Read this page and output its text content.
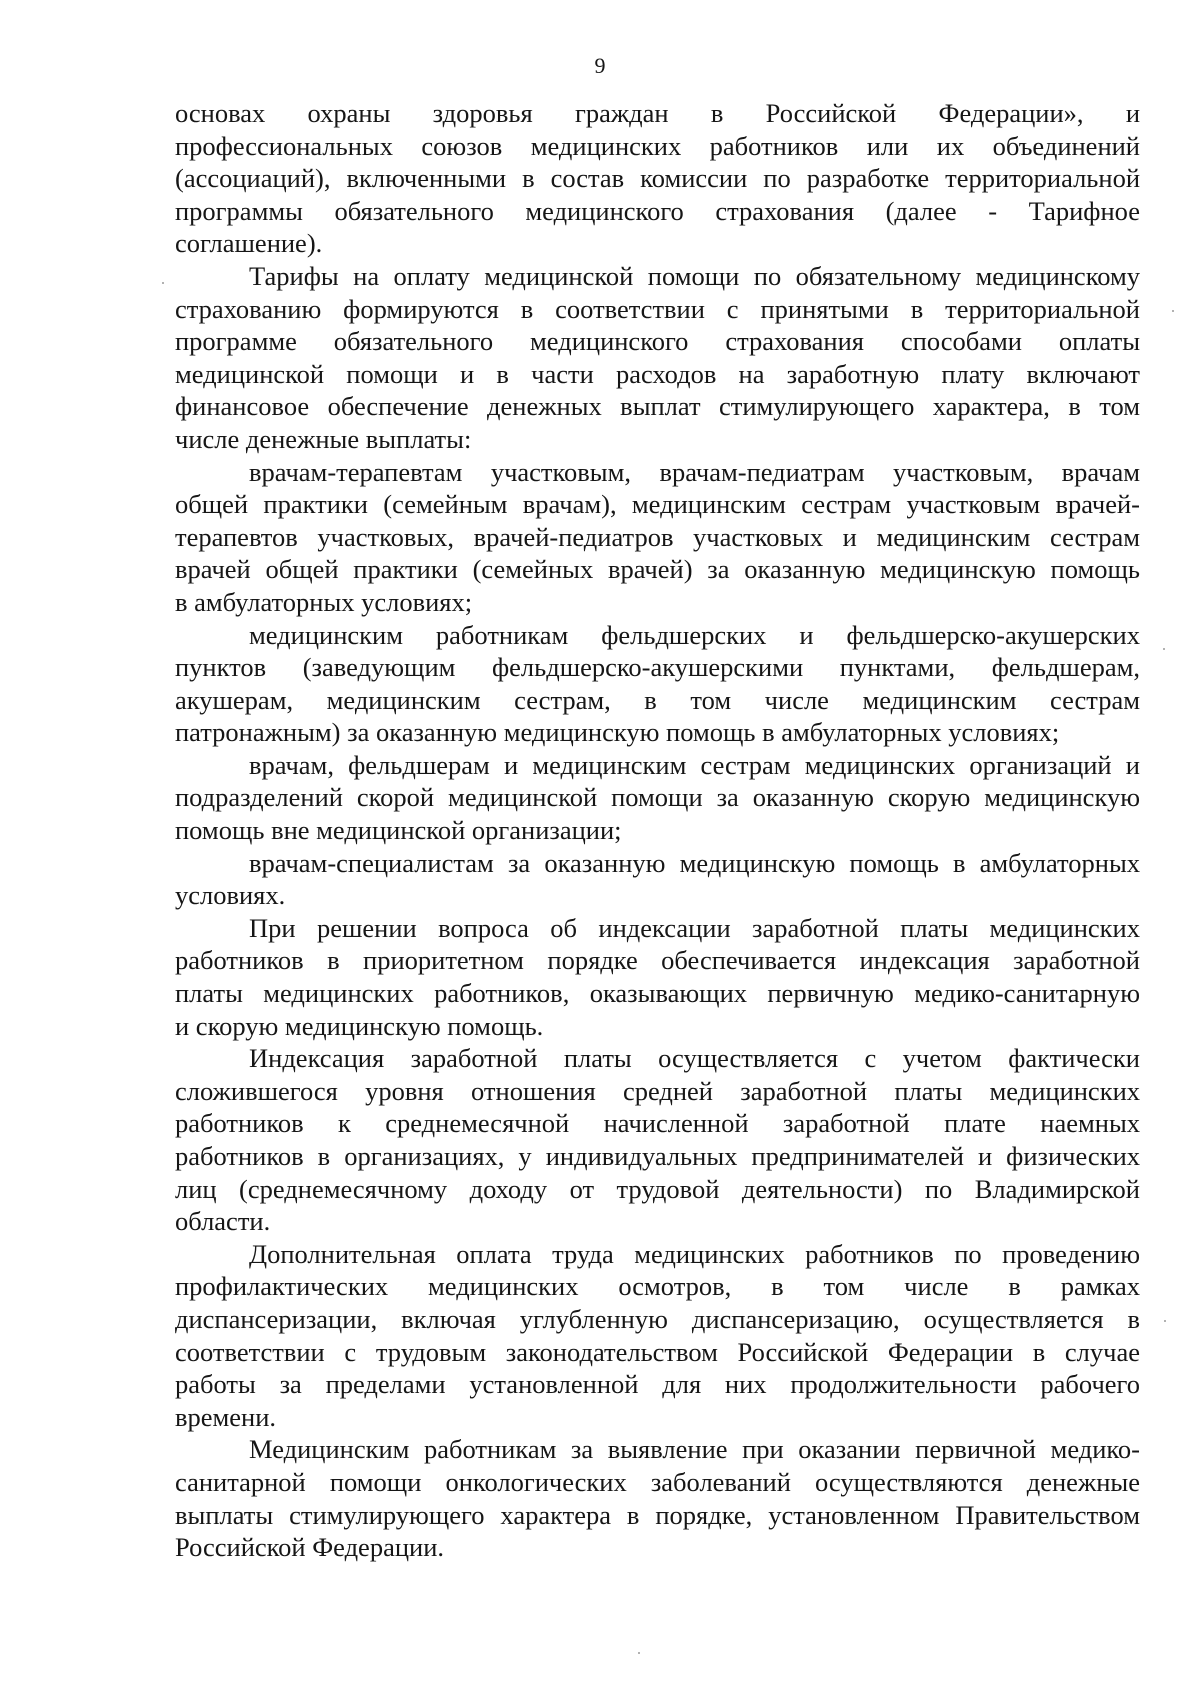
9
основах охраны здоровья граждан в Российской Федерации», и
профессиональных союзов медицинских работников или их объединений
(ассоциаций), включенными в состав комиссии по разработке территориальной
программы обязательного медицинского страхования (далее - Тарифное
соглашение).
Тарифы на оплату медицинской помощи по обязательному медицинскому
страхованию формируются в соответствии с принятыми в территориальной
программе обязательного медицинского страхования способами оплаты
медицинской помощи и в части расходов на заработную плату включают
финансовое обеспечение денежных выплат стимулирующего характера, в том
числе денежные выплаты:
врачам-терапевтам участковым, врачам-педиатрам участковым, врачам
общей практики (семейным врачам), медицинским сестрам участковым врачей-
терапевтов участковых, врачей-педиатров участковых и медицинским сестрам
врачей общей практики (семейных врачей) за оказанную медицинскую помощь
в амбулаторных условиях;
медицинским работникам фельдшерских и фельдшерско-акушерских
пунктов (заведующим фельдшерско-акушерскими пунктами, фельдшерам,
акушерам, медицинским сестрам, в том числе медицинским сестрам
патронажным) за оказанную медицинскую помощь в амбулаторных условиях;
врачам, фельдшерам и медицинским сестрам медицинских организаций и
подразделений скорой медицинской помощи за оказанную скорую медицинскую
помощь вне медицинской организации;
врачам-специалистам за оказанную медицинскую помощь в амбулаторных
условиях.
При решении вопроса об индексации заработной платы медицинских
работников в приоритетном порядке обеспечивается индексация заработной
платы медицинских работников, оказывающих первичную медико-санитарную
и скорую медицинскую помощь.
Индексация заработной платы осуществляется с учетом фактически
сложившегося уровня отношения средней заработной платы медицинских
работников к среднемесячной начисленной заработной плате наемных
работников в организациях, у индивидуальных предпринимателей и физических
лиц (среднемесячному доходу от трудовой деятельности) по Владимирской
области.
Дополнительная оплата труда медицинских работников по проведению
профилактических медицинских осмотров, в том числе в рамках
диспансеризации, включая углубленную диспансеризацию, осуществляется в
соответствии с трудовым законодательством Российской Федерации в случае
работы за пределами установленной для них продолжительности рабочего
времени.
Медицинским работникам за выявление при оказании первичной медико-
санитарной помощи онкологических заболеваний осуществляются денежные
выплаты стимулирующего характера в порядке, установленном Правительством
Российской Федерации.
